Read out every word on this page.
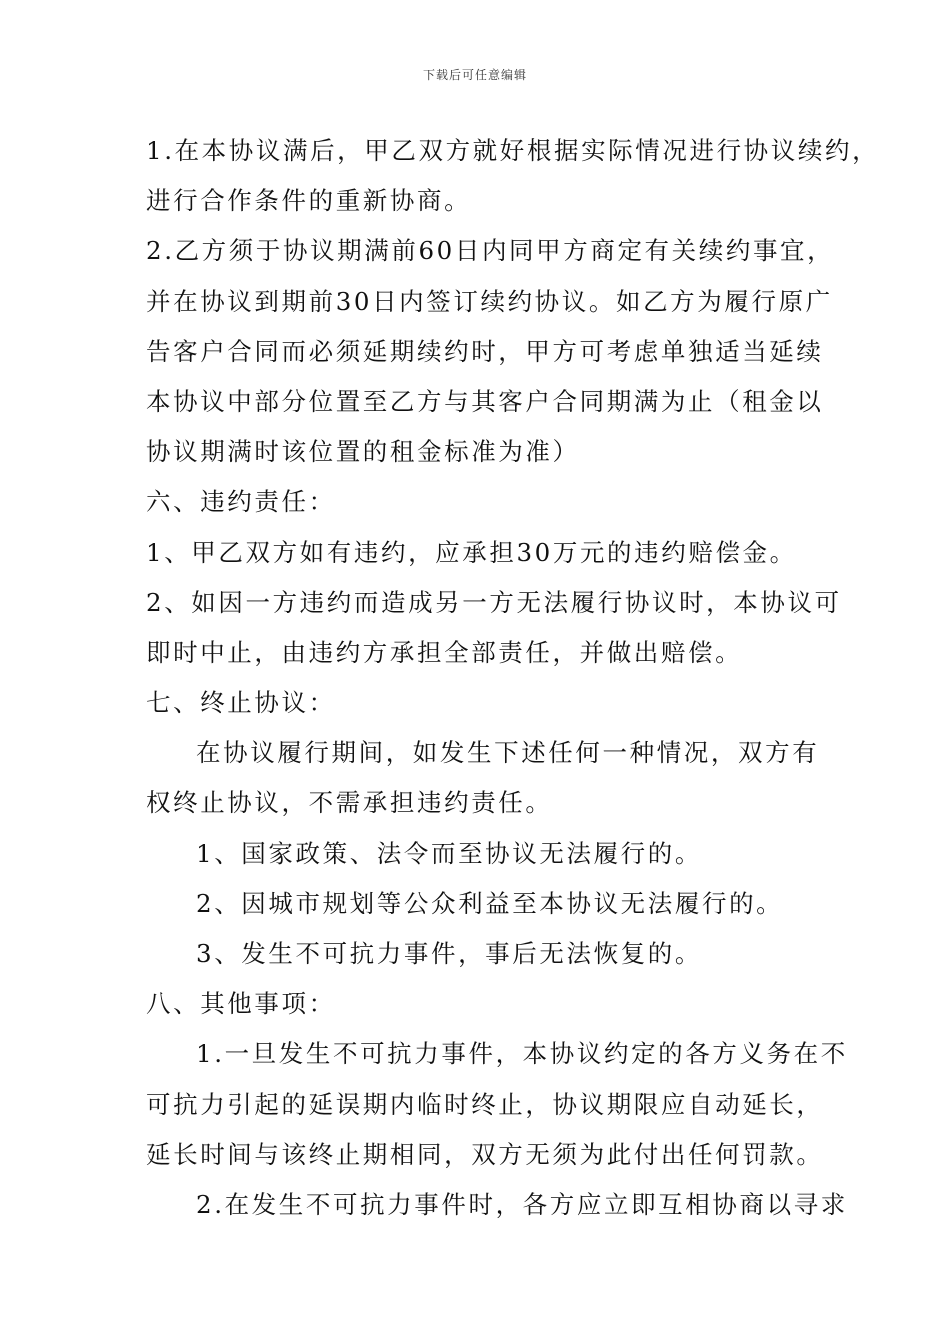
下载后可任意编辑
1.在本协议满后，甲乙双方就好根据实际情况进行协议续约，
进行合作条件的重新协商。
2.乙方须于协议期满前60日内同甲方商定有关续约事宜，
并在协议到期前30日内签订续约协议。如乙方为履行原广
告客户合同而必须延期续约时，甲方可考虑单独适当延续
本协议中部分位置至乙方与其客户合同期满为止（租金以
协议期满时该位置的租金标准为准）
六、违约责任：
1、甲乙双方如有违约，应承担30万元的违约赔偿金。
2、如因一方违约而造成另一方无法履行协议时，本协议可
即时中止，由违约方承担全部责任，并做出赔偿。
七、终止协议：
在协议履行期间，如发生下述任何一种情况，双方有
权终止协议，不需承担违约责任。
1、国家政策、法令而至协议无法履行的。
2、因城市规划等公众利益至本协议无法履行的。
3、发生不可抗力事件，事后无法恢复的。
八、其他事项：
1.一旦发生不可抗力事件，本协议约定的各方义务在不
可抗力引起的延误期内临时终止，协议期限应自动延长，
延长时间与该终止期相同，双方无须为此付出任何罚款。
2.在发生不可抗力事件时，各方应立即互相协商以寻求
